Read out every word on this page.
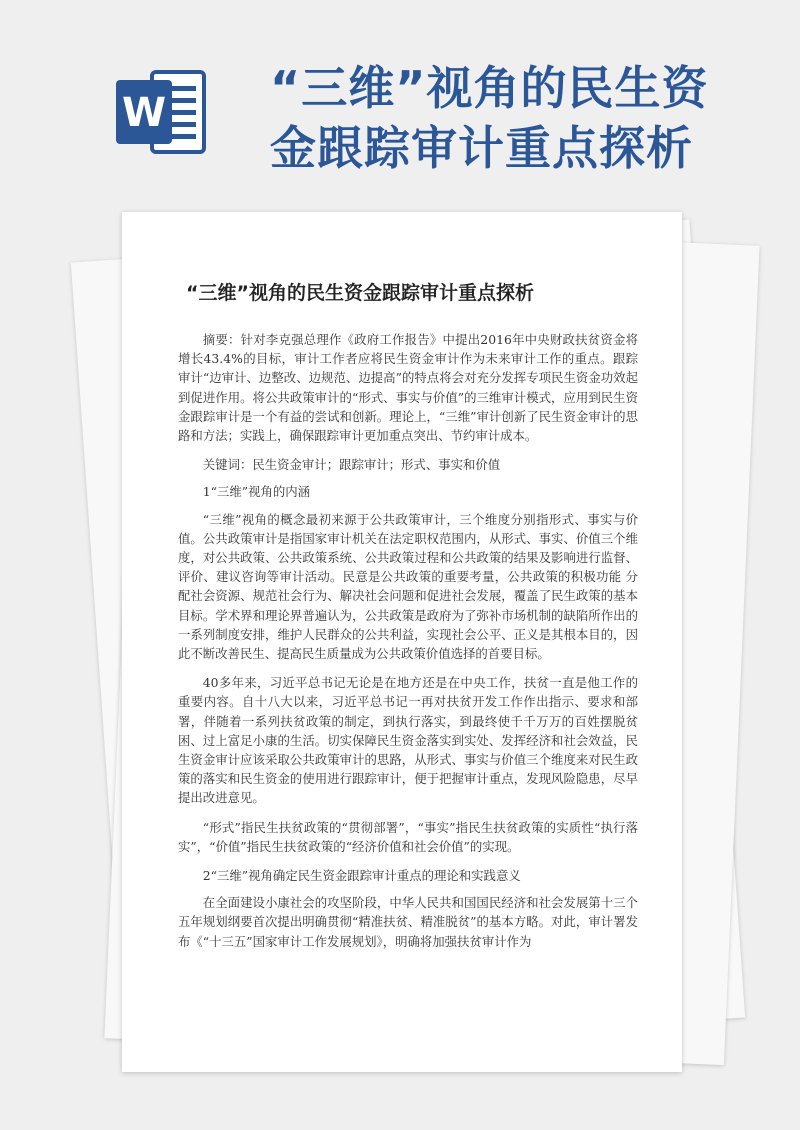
W “三维”视角的民生资
金跟踪审计重点探析
“三维”视角的民生资金跟踪审计重点探析

摘要：针对李克强总理作《政府工作报告》中提出2016年中央财政扶贫资金将增长43.4%的目标，审计工作者应将民生资金审计作为未来审计工作的重点。跟踪审计“边审计、边整改、边规范、边提高”的特点将会对充分发挥专项民生资金功效起到促进作用。将公共政策审计的“形式、事实与价值”的三维审计模式，应用到民生资金跟踪审计是一个有益的尝试和创新。理论上，“三维”审计创新了民生资金审计的思路和方法；实践上，确保跟踪审计更加重点突出、节约审计成本。

关键词：民生资金审计；跟踪审计；形式、事实和价值

1“三维”视角的内涵

“三维”视角的概念最初来源于公共政策审计，三个维度分别指形式、事实与价值。公共政策审计是指国家审计机关在法定职权范围内，从形式、事实、价值三个维度，对公共政策、公共政策系统、公共政策过程和公共政策的结果及影响进行监督、评价、建议咨询等审计活动。民意是公共政策的重要考量，公共政策的积极功能 分配社会资源、规范社会行为、解决社会问题和促进社会发展，覆盖了民生政策的基本目标。学术界和理论界普遍认为，公共政策是政府为了弥补市场机制的缺陷所作出的一系列制度安排，维护人民群众的公共利益，实现社会公平、正义是其根本目的，因此不断改善民生、提高民生质量成为公共政策价值选择的首要目标。

40多年来，习近平总书记无论是在地方还是在中央工作，扶贫一直是他工作的重要内容。自十八大以来，习近平总书记一再对扶贫开发工作作出指示、要求和部署，伴随着一系列扶贫政策的制定，到执行落实，到最终使千千万万的百姓摆脱贫困、过上富足小康的生活。切实保障民生资金落实到实处、发挥经济和社会效益，民生资金审计应该采取公共政策审计的思路，从形式、事实与价值三个维度来对民生政策的落实和民生资金的使用进行跟踪审计，便于把握审计重点，发现风险隐患，尽早提出改进意见。

“形式”指民生扶贫政策的“贯彻部署”，“事实”指民生扶贫政策的实质性“执行落实”，“价值”指民生扶贫政策的“经济价值和社会价值”的实现。

2“三维”视角确定民生资金跟踪审计重点的理论和实践意义

在全面建设小康社会的攻坚阶段，中华人民共和国国民经济和社会发展第十三个五年规划纲要首次提出明确贯彻“精准扶贫、精准脱贫”的基本方略。对此，审计署发布《“十三五”国家审计工作发展规划》，明确将加强扶贫审计作为
